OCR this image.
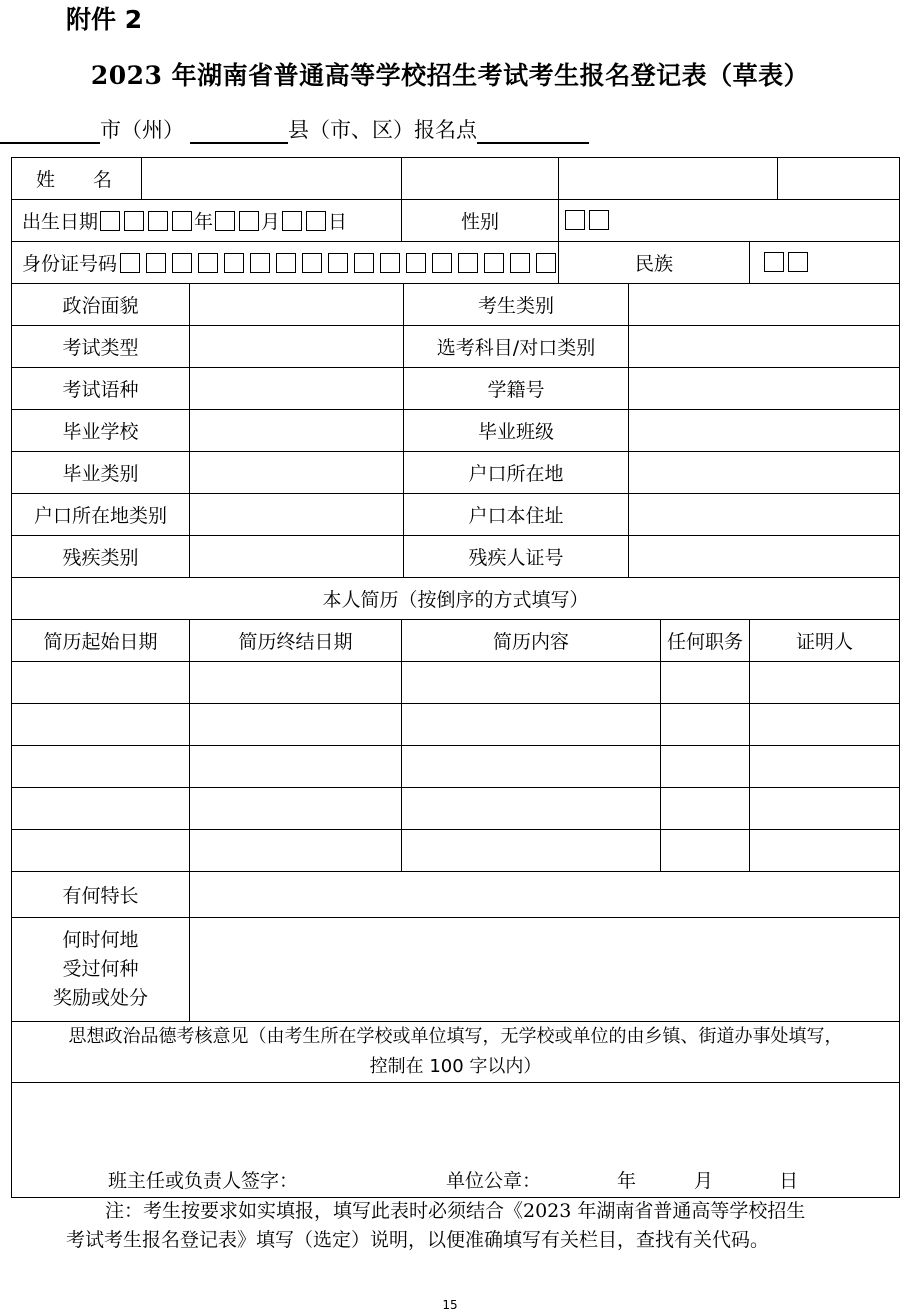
附件 2
2023 年湖南省普通高等学校招生考试考生报名登记表（草表）
市（州）	县（市、区）报名点
姓　　名									
出生日期 年 月 日			性别						
身份证号码					民族				
政治面貌				考生类别					
考试类型				选考科目/对口类别					
考试语种				学籍号					
毕业学校				毕业班级					
毕业类别				户口所在地					
户口所在地类别				户口本住址					
残疾类别				残疾人证号					
本人简历（按倒序的方式填写）									
简历起始日期		简历终结日期	简历内容				任何职务	证明人	

有何特长									

何时何地
受过何种
奖励或处分									

思想政治品德考核意见（由考生所在学校或单位填写，无学校或单位的由乡镇、街道办事处填写，
控制在 100 字以内）									

班主任或负责人签字： 单位公章： 年 月 日									
注：考生按要求如实填报，填写此表时必须结合《2023 年湖南省普通高等学校招生
考试考生报名登记表》填写（选定）说明，以便准确填写有关栏目，查找有关代码。
15
